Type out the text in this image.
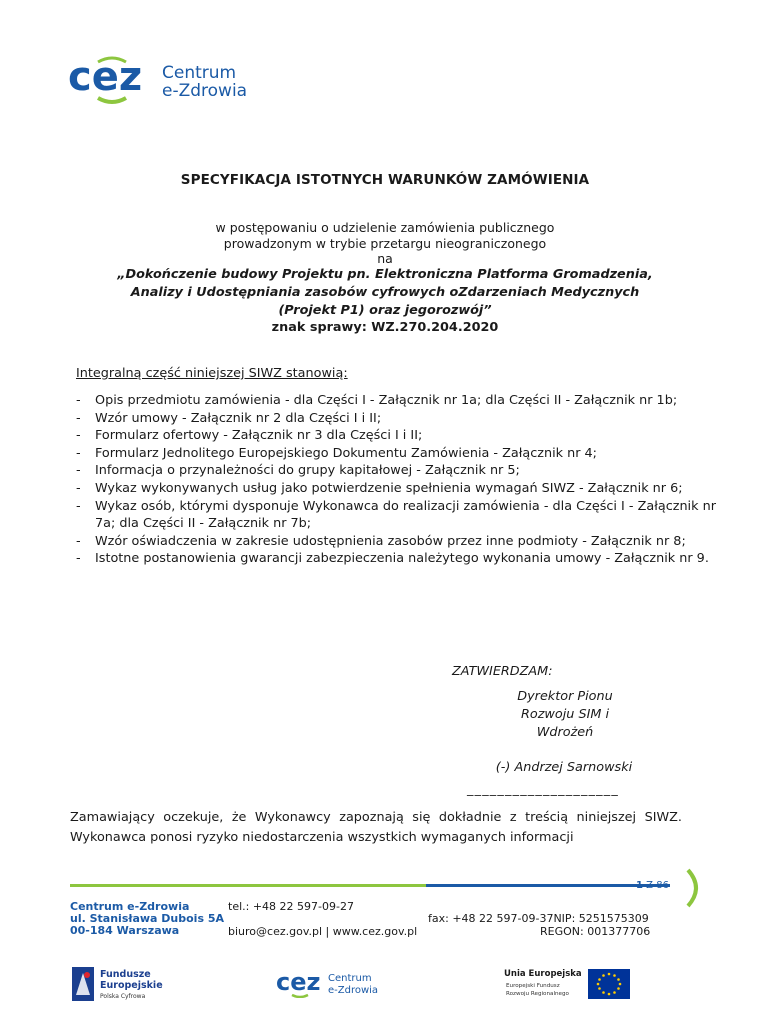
cez Centrum
e-Zdrowia
SPECYFIKACJA ISTOTNYCH WARUNKÓW ZAMÓWIENIA
w postępowaniu o udzielenie zamówienia publicznego
prowadzonym w trybie przetargu nieograniczonego
na
„Dokończenie budowy Projektu pn. Elektroniczna Platforma Gromadzenia,
Analizy i Udostępniania zasobów cyfrowych oZdarzeniach Medycznych
(Projekt P1) oraz jegorozwój”
znak sprawy: WZ.270.204.2020
Integralną część niniejszej SIWZ stanowią:
- Opis przedmiotu zamówienia - dla Części I - Załącznik nr 1a; dla Części II - Załącznik nr 1b;
- Wzór umowy - Załącznik nr 2 dla Części I i II;
- Formularz ofertowy - Załącznik nr 3 dla Części I i II;
- Formularz Jednolitego Europejskiego Dokumentu Zamówienia - Załącznik nr 4;
- Informacja o przynależności do grupy kapitałowej - Załącznik nr 5;
- Wykaz wykonywanych usług jako potwierdzenie spełnienia wymagań SIWZ - Załącznik nr 6;
- Wykaz osób, którymi dysponuje Wykonawca do realizacji zamówienia - dla Części I - Załącznik nr 7a; dla Części II - Załącznik nr 7b;
- Wzór oświadczenia w zakresie udostępnienia zasobów przez inne podmioty - Załącznik nr 8;
- Istotne postanowienia gwarancji zabezpieczenia należytego wykonania umowy - Załącznik nr 9.
ZATWIERDZAM:
Dyrektor Pionu
Rozwoju SIM i
Wdrożeń
(-) Andrzej Sarnowski
____________________
Zamawiający oczekuje, że Wykonawcy zapoznają się dokładnie z treścią niniejszej SIWZ. Wykonawca ponosi ryzyko niedostarczenia wszystkich wymaganych informacji
1 Z 86
Centrum e-Zdrowia
ul. Stanisława Dubois 5A
00-184 Warszawa
tel.: +48 22 597-09-27
fax: +48 22 597-09-37NIP: 5251575309
REGON: 001377706
biuro@cez.gov.pl | www.cez.gov.pl
Fundusze
Europejskie
Polska Cyfrowa
cez Centrum
e-Zdrowia
Unia Europejska
Europejski Fundusz
Rozwoju Regionalnego
